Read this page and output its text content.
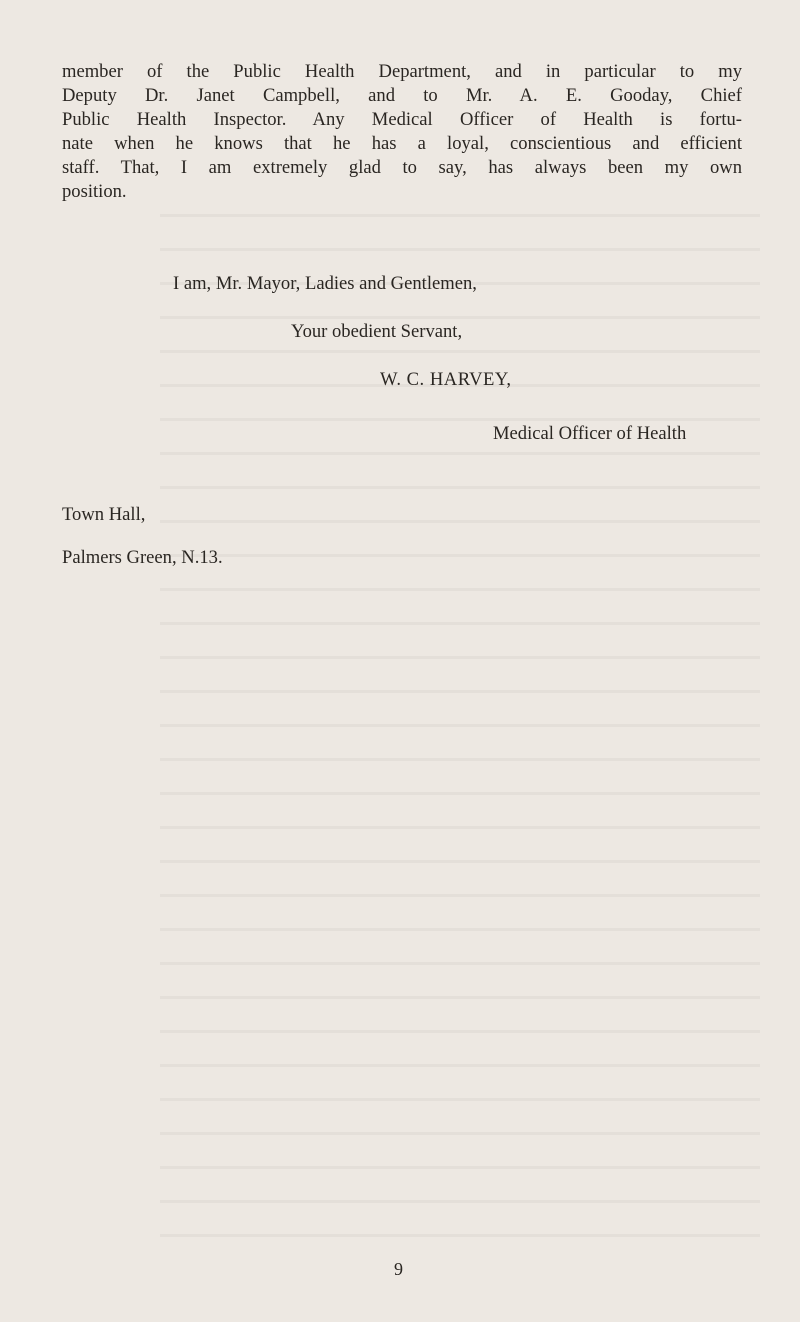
member of the Public Health Department, and in particular to my
Deputy Dr. Janet Campbell, and to Mr. A. E. Gooday, Chief
Public Health Inspector. Any Medical Officer of Health is fortu-
nate when he knows that he has a loyal, conscientious and efficient
staff. That, I am extremely glad to say, has always been my own
position.

I am, Mr. Mayor, Ladies and Gentlemen,

Your obedient Servant,

W. C. HARVEY,

Medical Officer of Health

Town Hall,

Palmers Green, N.13.

9
